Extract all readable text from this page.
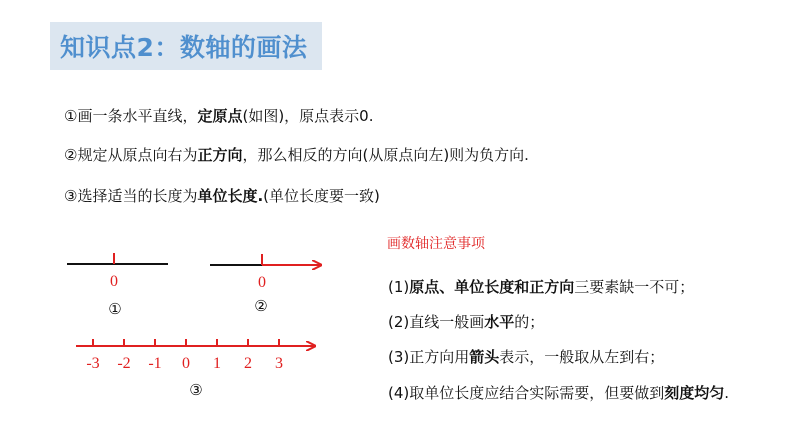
知识点2：数轴的画法
①画一条水平直线，定原点(如图)，原点表示0.
②规定从原点向右为正方向，那么相反的方向(从原点向左)则为负方向.
③选择适当的长度为单位长度.(单位长度要一致)
0
①
0
②
-3 -2 -1 0 1 2 3
③
画数轴注意事项
(1)原点、单位长度和正方向三要素缺一不可；
(2)直线一般画水平的；
(3)正方向用箭头表示，一般取从左到右；
(4)取单位长度应结合实际需要，但要做到刻度均匀.
